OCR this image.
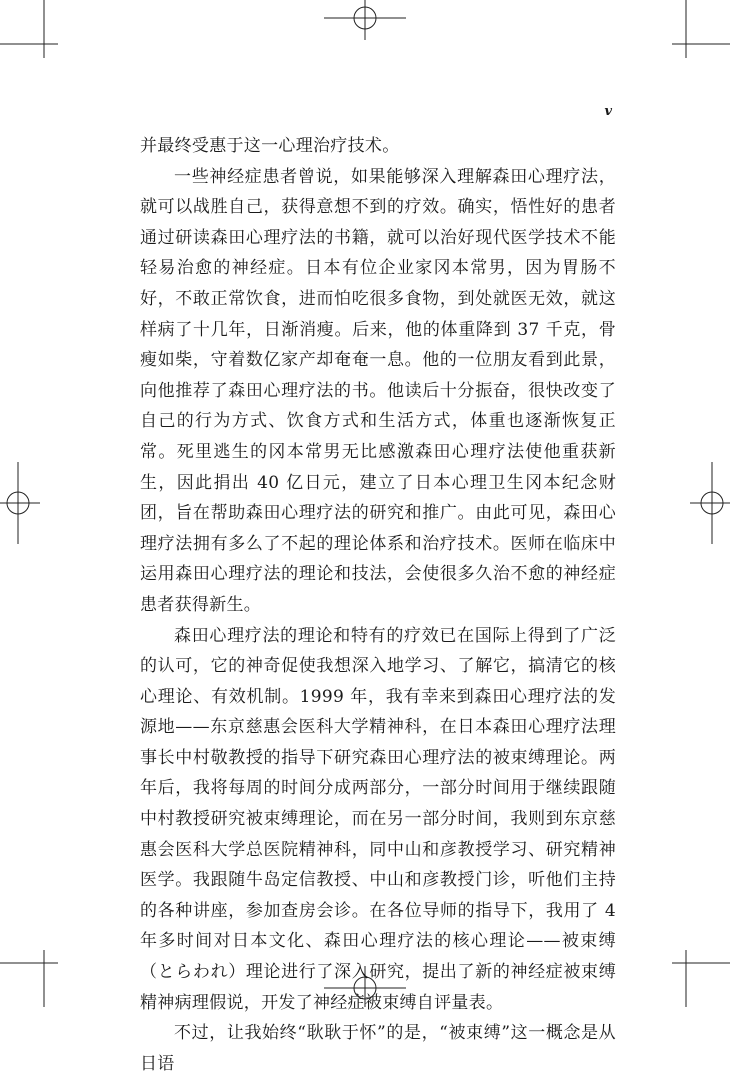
v

并最终受惠于这一心理治疗技术。

一些神经症患者曾说，如果能够深入理解森田心理疗法，就可以战胜自己，获得意想不到的疗效。确实，悟性好的患者通过研读森田心理疗法的书籍，就可以治好现代医学技术不能轻易治愈的神经症。日本有位企业家冈本常男，因为胃肠不好，不敢正常饮食，进而怕吃很多食物，到处就医无效，就这样病了十几年，日渐消瘦。后来，他的体重降到 37 千克，骨瘦如柴，守着数亿家产却奄奄一息。他的一位朋友看到此景，向他推荐了森田心理疗法的书。他读后十分振奋，很快改变了自己的行为方式、饮食方式和生活方式，体重也逐渐恢复正常。死里逃生的冈本常男无比感激森田心理疗法使他重获新生，因此捐出 40 亿日元，建立了日本心理卫生冈本纪念财团，旨在帮助森田心理疗法的研究和推广。由此可见，森田心理疗法拥有多么了不起的理论体系和治疗技术。医师在临床中运用森田心理疗法的理论和技法，会使很多久治不愈的神经症患者获得新生。

森田心理疗法的理论和特有的疗效已在国际上得到了广泛的认可，它的神奇促使我想深入地学习、了解它，搞清它的核心理论、有效机制。1999 年，我有幸来到森田心理疗法的发源地——东京慈惠会医科大学精神科，在日本森田心理疗法理事长中村敬教授的指导下研究森田心理疗法的被束缚理论。两年后，我将每周的时间分成两部分，一部分时间用于继续跟随中村教授研究被束缚理论，而在另一部分时间，我则到东京慈惠会医科大学总医院精神科，同中山和彦教授学习、研究精神医学。我跟随牛岛定信教授、中山和彦教授门诊，听他们主持的各种讲座，参加查房会诊。在各位导师的指导下，我用了 4 年多时间对日本文化、森田心理疗法的核心理论——被束缚（とらわれ）理论进行了深入研究，提出了新的神经症被束缚精神病理假说，开发了神经症被束缚自评量表。

不过，让我始终“耿耿于怀”的是，“被束缚”这一概念是从日语
